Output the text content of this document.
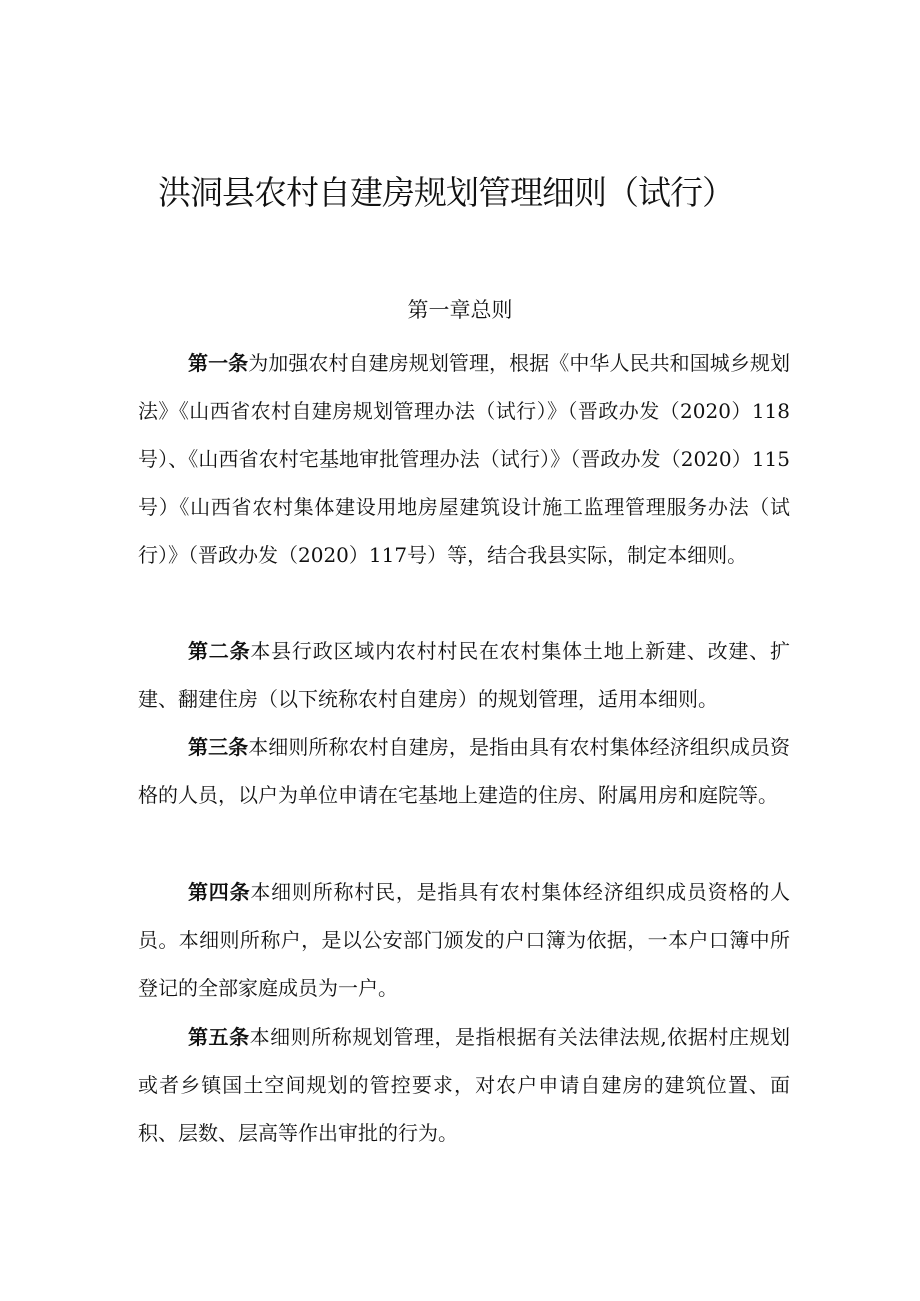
洪洞县农村自建房规划管理细则（试行）
第一章总则

第一条为加强农村自建房规划管理，根据《中华人民共和国城乡规划法》《山西省农村自建房规划管理办法（试行）》（晋政办发（2020）118号）、《山西省农村宅基地审批管理办法（试行）》（晋政办发（2020）115号）《山西省农村集体建设用地房屋建筑设计施工监理管理服务办法（试行）》（晋政办发（2020）117号）等，结合我县实际，制定本细则。

第二条本县行政区域内农村村民在农村集体土地上新建、改建、扩建、翻建住房（以下统称农村自建房）的规划管理，适用本细则。

第三条本细则所称农村自建房，是指由具有农村集体经济组织成员资格的人员，以户为单位申请在宅基地上建造的住房、附属用房和庭院等。

第四条本细则所称村民，是指具有农村集体经济组织成员资格的人员。本细则所称户，是以公安部门颁发的户口簿为依据，一本户口簿中所登记的全部家庭成员为一户。

第五条本细则所称规划管理，是指根据有关法律法规,依据村庄规划或者乡镇国土空间规划的管控要求，对农户申请自建房的建筑位置、面积、层数、层高等作出审批的行为。
